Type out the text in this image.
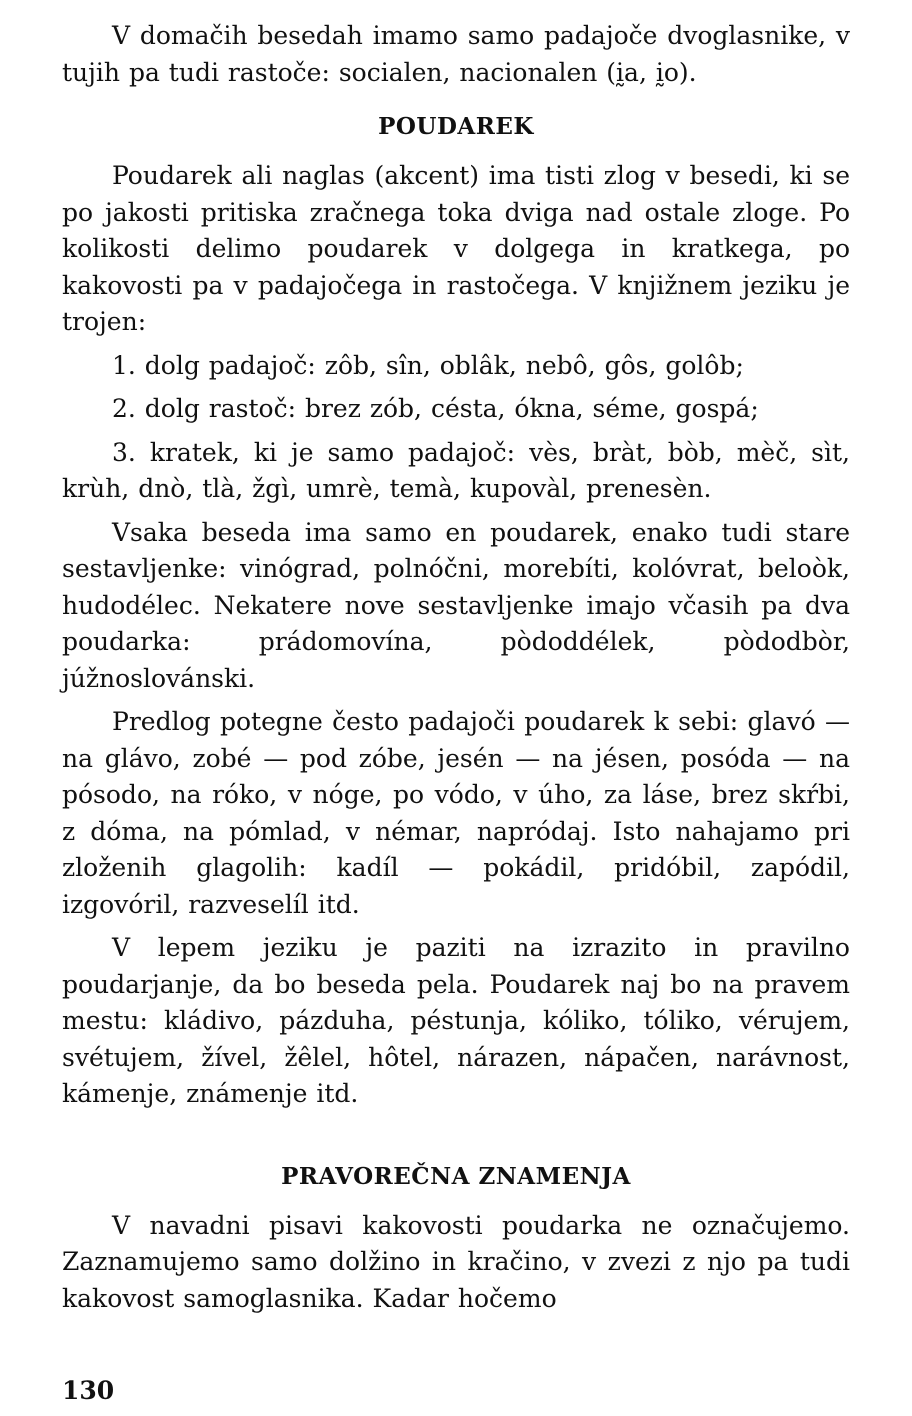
V domačih besedah imamo samo padajoče dvoglasnike, v tujih pa tudi rastoče: socialen, nacionalen (ḭa, ḭo).

POUDAREK

Poudarek ali naglas (akcent) ima tisti zlog v besedi, ki se po jakosti pritiska zračnega toka dviga nad ostale zloge. Po kolikosti delimo poudarek v dolgega in kratkega, po kakovosti pa v padajočega in rastočega. V knjižnem jeziku je trojen:

1. dolg padajoč: zôb, sîn, oblâk, nebô, gôs, golôb;

2. dolg rastoč: brez zób, césta, ókna, séme, gospá;

3. kratek, ki je samo padajoč: vès, bràt, bòb, mèč, sìt, krùh, dnò, tlà, žgì, umrè, temà, kupovàl, prenesèn.

Vsaka beseda ima samo en poudarek, enako tudi stare sestavljenke: vinógrad, polnóčni, morebíti, kolóvrat, beloòk, hudodélec. Nekatere nove sestavljenke imajo včasih pa dva poudarka: prádomovína, pòdoddélek, pòdodbòr, júžnoslovánski.

Predlog potegne često padajoči poudarek k sebi: glavó — na glávo, zobé — pod zóbe, jesén — na jésen, posóda — na pósodo, na róko, v nóge, po vódo, v úho, za láse, brez skŕbi, z dóma, na pómlad, v némar, napródaj. Isto nahajamo pri zloženih glagolih: kadíl — pokádil, pridóbil, zapódil, izgovóril, razveselíl itd.

V lepem jeziku je paziti na izrazito in pravilno poudarjanje, da bo beseda pela. Poudarek naj bo na pravem mestu: kládivo, pázduha, péstunja, kóliko, tóliko, vérujem, svétujem, žível, žêlel, hôtel, nárazen, nápačen, narávnost, kámenje, známenje itd.

PRAVOREČNA ZNAMENJA

V navadni pisavi kakovosti poudarka ne označujemo. Zaznamujemo samo dolžino in kračino, v zvezi z njo pa tudi kakovost samoglasnika. Kadar hočemo

130
